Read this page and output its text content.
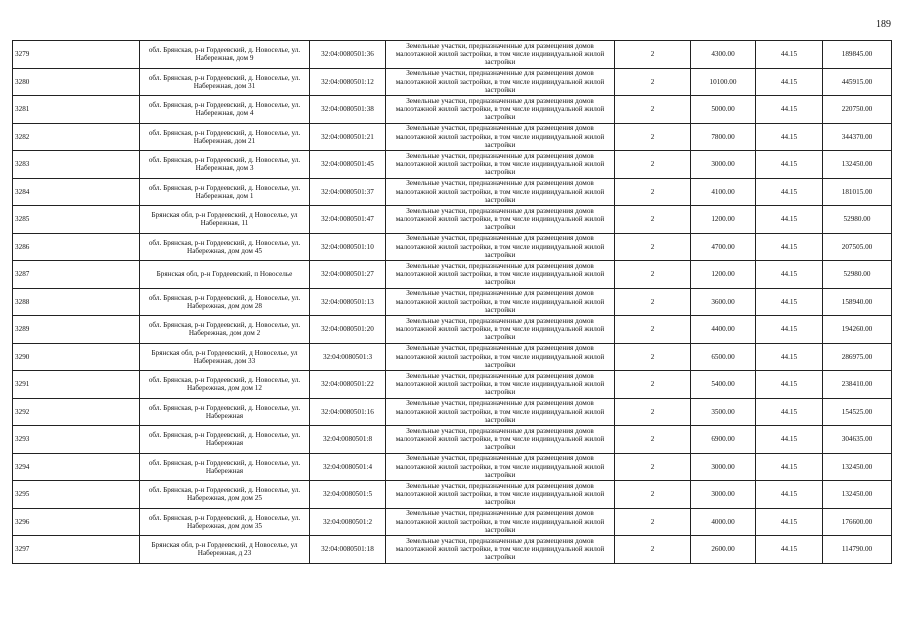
189
3279	обл. Брянская, р-н Гордеевский, д. Новоселье, ул. Набережная, дом 9	32:04:0080501:36	Земельные участки, предназначенные для размещения домов малоэтажной жилой застройки, в том числе индивидуальной жилой застройки	2	4300.00	44.15	189845.00
3280	обл. Брянская, р-н Гордеевский, д. Новоселье, ул. Набережная, дом 31	32:04:0080501:12	Земельные участки, предназначенные для размещения домов малоэтажной жилой застройки, в том числе индивидуальной жилой застройки	2	10100.00	44.15	445915.00
3281	обл. Брянская, р-н Гордеевский, д. Новоселье, ул. Набережная, дом 4	32:04:0080501:38	Земельные участки, предназначенные для размещения домов малоэтажной жилой застройки, в том числе индивидуальной жилой застройки	2	5000.00	44.15	220750.00
3282	обл. Брянская, р-н Гордеевский, д. Новоселье, ул. Набережная, дом 21	32:04:0080501:21	Земельные участки, предназначенные для размещения домов малоэтажной жилой застройки, в том числе индивидуальной жилой застройки	2	7800.00	44.15	344370.00
3283	обл. Брянская, р-н Гордеевский, д. Новоселье, ул. Набережная, дом 3	32:04:0080501:45	Земельные участки, предназначенные для размещения домов малоэтажной жилой застройки, в том числе индивидуальной жилой застройки	2	3000.00	44.15	132450.00
3284	обл. Брянская, р-н Гордеевский, д. Новоселье, ул. Набережная, дом 1	32:04:0080501:37	Земельные участки, предназначенные для размещения домов малоэтажной жилой застройки, в том числе индивидуальной жилой застройки	2	4100.00	44.15	181015.00
3285	Брянская обл, р-н Гордеевский, д Новоселье, ул Набережная, 11	32:04:0080501:47	Земельные участки, предназначенные для размещения домов малоэтажной жилой застройки, в том числе индивидуальной жилой застройки	2	1200.00	44.15	52980.00
3286	обл. Брянская, р-н Гордеевский, д. Новоселье, ул. Набережная, дом дом 45	32:04:0080501:10	Земельные участки, предназначенные для размещения домов малоэтажной жилой застройки, в том числе индивидуальной жилой застройки	2	4700.00	44.15	207505.00
3287	Брянская обл, р-н Гордеевский, п Новоселье	32:04:0080501:27	Земельные участки, предназначенные для размещения домов малоэтажной жилой застройки, в том числе индивидуальной жилой застройки	2	1200.00	44.15	52980.00
3288	обл. Брянская, р-н Гордеевский, д. Новоселье, ул. Набережная, дом дом 28	32:04:0080501:13	Земельные участки, предназначенные для размещения домов малоэтажной жилой застройки, в том числе индивидуальной жилой застройки	2	3600.00	44.15	158940.00
3289	обл. Брянская, р-н Гордеевский, д. Новоселье, ул. Набережная, дом дом 2	32:04:0080501:20	Земельные участки, предназначенные для размещения домов малоэтажной жилой застройки, в том числе индивидуальной жилой застройки	2	4400.00	44.15	194260.00
3290	Брянская обл, р-н Гордеевский, д Новоселье, ул Набережная, дом 33	32:04:0080501:3	Земельные участки, предназначенные для размещения домов малоэтажной жилой застройки, в том числе индивидуальной жилой застройки	2	6500.00	44.15	286975.00
3291	обл. Брянская, р-н Гордеевский, д. Новоселье, ул. Набережная, дом дом 12	32:04:0080501:22	Земельные участки, предназначенные для размещения домов малоэтажной жилой застройки, в том числе индивидуальной жилой застройки	2	5400.00	44.15	238410.00
3292	обл. Брянская, р-н Гордеевский, д. Новоселье, ул. Набережная	32:04:0080501:16	Земельные участки, предназначенные для размещения домов малоэтажной жилой застройки, в том числе индивидуальной жилой застройки	2	3500.00	44.15	154525.00
3293	обл. Брянская, р-н Гордеевский, д. Новоселье, ул. Набережная	32:04:0080501:8	Земельные участки, предназначенные для размещения домов малоэтажной жилой застройки, в том числе индивидуальной жилой застройки	2	6900.00	44.15	304635.00
3294	обл. Брянская, р-н Гордеевский, д. Новоселье, ул. Набережная	32:04:0080501:4	Земельные участки, предназначенные для размещения домов малоэтажной жилой застройки, в том числе индивидуальной жилой застройки	2	3000.00	44.15	132450.00
3295	обл. Брянская, р-н Гордеевский, д. Новоселье, ул. Набережная, дом дом 25	32:04:0080501:5	Земельные участки, предназначенные для размещения домов малоэтажной жилой застройки, в том числе индивидуальной жилой застройки	2	3000.00	44.15	132450.00
3296	обл. Брянская, р-н Гордеевский, д. Новоселье, ул. Набережная, дом дом 35	32:04:0080501:2	Земельные участки, предназначенные для размещения домов малоэтажной жилой застройки, в том числе индивидуальной жилой застройки	2	4000.00	44.15	176600.00
3297	Брянская обл, р-н Гордеевский, д Новоселье, ул Набережная, д 23	32:04:0080501:18	Земельные участки, предназначенные для размещения домов малоэтажной жилой застройки, в том числе индивидуальной жилой застройки	2	2600.00	44.15	114790.00
